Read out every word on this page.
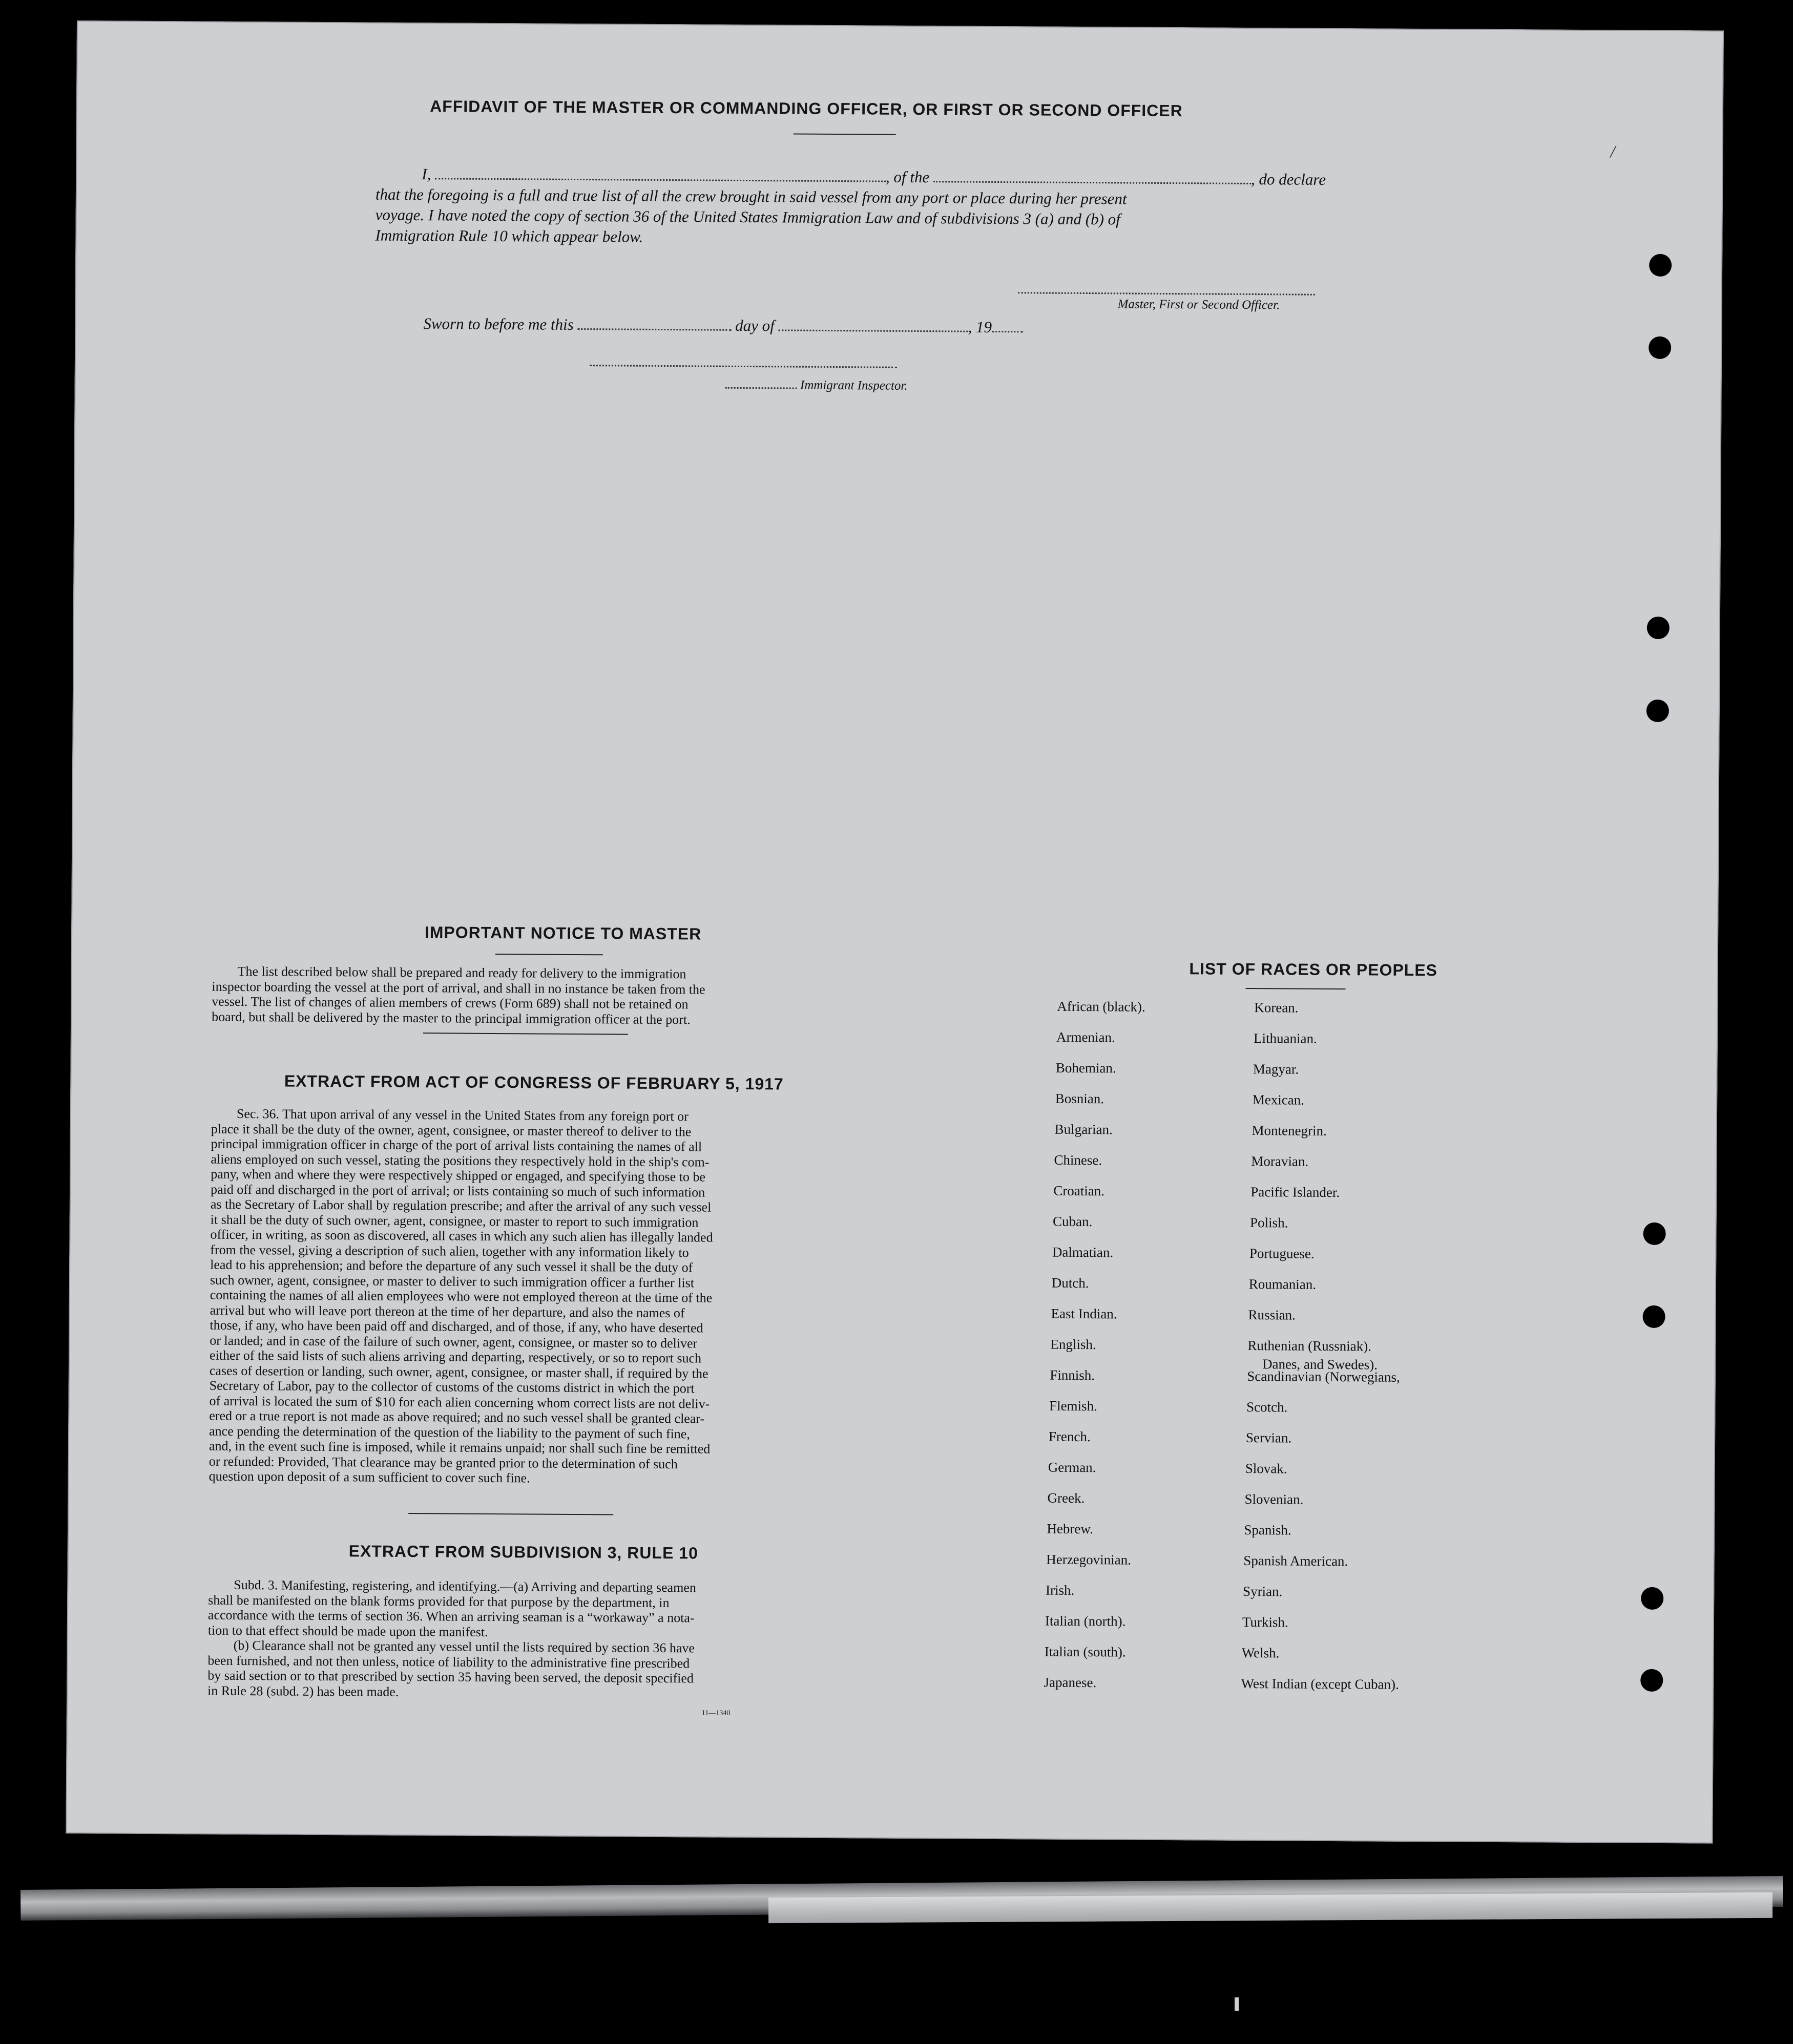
/
AFFIDAVIT OF THE MASTER OR COMMANDING OFFICER, OR FIRST OR SECOND OFFICER
I,	, of the	, do declare
that the foregoing is a full and true list of all the crew brought in said vessel from any port or place during her present
voyage. I have noted the copy of section 36 of the United States Immigration Law and of subdivisions 3 (a) and (b) of
Immigration Rule 10 which appear below.
Master, First or Second Officer.
Sworn to before me this	day of	, 19
Immigrant Inspector.
IMPORTANT NOTICE TO MASTER
The list described below shall be prepared and ready for delivery to the immigration
inspector boarding the vessel at the port of arrival, and shall in no instance be taken from the
vessel. The list of changes of alien members of crews (Form 689) shall not be retained on
board, but shall be delivered by the master to the principal immigration officer at the port.
EXTRACT FROM ACT OF CONGRESS OF FEBRUARY 5, 1917
Sec. 36. That upon arrival of any vessel in the United States from any foreign port or
place it shall be the duty of the owner, agent, consignee, or master thereof to deliver to the
principal immigration officer in charge of the port of arrival lists containing the names of all
aliens employed on such vessel, stating the positions they respectively hold in the ship's com-
pany, when and where they were respectively shipped or engaged, and specifying those to be
paid off and discharged in the port of arrival; or lists containing so much of such information
as the Secretary of Labor shall by regulation prescribe; and after the arrival of any such vessel
it shall be the duty of such owner, agent, consignee, or master to report to such immigration
officer, in writing, as soon as discovered, all cases in which any such alien has illegally landed
from the vessel, giving a description of such alien, together with any information likely to
lead to his apprehension; and before the departure of any such vessel it shall be the duty of
such owner, agent, consignee, or master to deliver to such immigration officer a further list
containing the names of all alien employees who were not employed thereon at the time of the
arrival but who will leave port thereon at the time of her departure, and also the names of
those, if any, who have been paid off and discharged, and of those, if any, who have deserted
or landed; and in case of the failure of such owner, agent, consignee, or master so to deliver
either of the said lists of such aliens arriving and departing, respectively, or so to report such
cases of desertion or landing, such owner, agent, consignee, or master shall, if required by the
Secretary of Labor, pay to the collector of customs of the customs district in which the port
of arrival is located the sum of $10 for each alien concerning whom correct lists are not deliv-
ered or a true report is not made as above required; and no such vessel shall be granted clear-
ance pending the determination of the question of the liability to the payment of such fine,
and, in the event such fine is imposed, while it remains unpaid; nor shall such fine be remitted
or refunded: Provided, That clearance may be granted prior to the determination of such
question upon deposit of a sum sufficient to cover such fine.
EXTRACT FROM SUBDIVISION 3, RULE 10
Subd. 3. Manifesting, registering, and identifying.—(a) Arriving and departing seamen
shall be manifested on the blank forms provided for that purpose by the department, in
accordance with the terms of section 36. When an arriving seaman is a “workaway” a nota-
tion to that effect should be made upon the manifest.
(b) Clearance shall not be granted any vessel until the lists required by section 36 have
been furnished, and not then unless, notice of liability to the administrative fine prescribed
by said section or to that prescribed by section 35 having been served, the deposit specified
in Rule 28 (subd. 2) has been made.
11—1340
LIST OF RACES OR PEOPLES
African (black).
Armenian.
Bohemian.
Bosnian.
Bulgarian.
Chinese.
Croatian.
Cuban.
Dalmatian.
Dutch.
East Indian.
English.
Finnish.
Flemish.
French.
German.
Greek.
Hebrew.
Herzegovinian.
Irish.
Italian (north).
Italian (south).
Japanese.
Korean.
Lithuanian.
Magyar.
Mexican.
Montenegrin.
Moravian.
Pacific Islander.
Polish.
Portuguese.
Roumanian.
Russian.
Ruthenian (Russniak).
Scandinavian (Norwegians,
Scotch.
Servian.
Slovak.
Slovenian.
Spanish.
Spanish American.
Syrian.
Turkish.
Welsh.
West Indian (except Cuban).
Danes, and Swedes).
